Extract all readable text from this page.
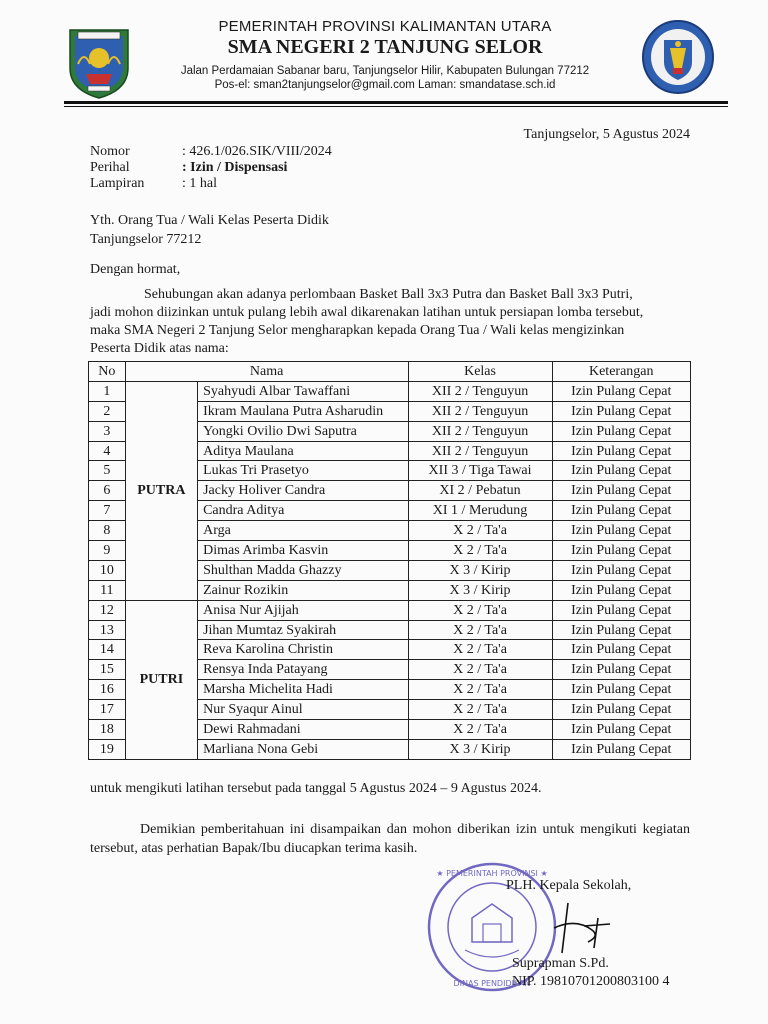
PEMERINTAH PROVINSI KALIMANTAN UTARA
SMA NEGERI 2 TANJUNG SELOR
Jalan Perdamaian Sabanar baru, Tanjungselor Hilir, Kabupaten Bulungan 77212
Pos-el: sman2tanjungselor@gmail.com Laman: smandatase.sch.id
Tanjungselor, 5 Agustus 2024
Nomor	: 426.1/026.SIK/VIII/2024
Perihal	: Izin / Dispensasi
Lampiran	: 1 hal
Yth. Orang Tua / Wali Kelas Peserta Didik
Tanjungselor 77212
Dengan hormat,

Sehubungan akan adanya perlombaan Basket Ball 3x3 Putra dan Basket Ball 3x3 Putri,

jadi mohon diizinkan untuk pulang lebih awal dikarenakan latihan untuk persiapan lomba tersebut,

maka SMA Negeri 2 Tanjung Selor mengharapkan kepada Orang Tua / Wali kelas mengizinkan

Peserta Didik atas nama:

No	Nama		Kelas	Keterangan
1	PUTRA	Syahyudi Albar Tawaffani	XII 2 / Tenguyun	Izin Pulang Cepat
2		Ikram Maulana Putra Asharudin	XII 2 / Tenguyun	Izin Pulang Cepat
3		Yongki Ovilio Dwi Saputra	XII 2 / Tenguyun	Izin Pulang Cepat
4		Aditya Maulana	XII 2 / Tenguyun	Izin Pulang Cepat
5		Lukas Tri Prasetyo	XII 3 / Tiga Tawai	Izin Pulang Cepat
6		Jacky Holiver Candra	XI 2 / Pebatun	Izin Pulang Cepat
7		Candra Aditya	XI 1 / Merudung	Izin Pulang Cepat
8		Arga	X 2 / Ta'a	Izin Pulang Cepat
9		Dimas Arimba Kasvin	X 2 / Ta'a	Izin Pulang Cepat
10		Shulthan Madda Ghazzy	X 3 / Kirip	Izin Pulang Cepat
11		Zainur Rozikin	X 3 / Kirip	Izin Pulang Cepat
12	PUTRI	Anisa Nur Ajijah	X 2 / Ta'a	Izin Pulang Cepat
13		Jihan Mumtaz Syakirah	X 2 / Ta'a	Izin Pulang Cepat
14		Reva Karolina Christin	X 2 / Ta'a	Izin Pulang Cepat
15		Rensya Inda Patayang	X 2 / Ta'a	Izin Pulang Cepat
16		Marsha Michelita Hadi	X 2 / Ta'a	Izin Pulang Cepat
17		Nur Syaqur Ainul	X 2 / Ta'a	Izin Pulang Cepat
18		Dewi Rahmadani	X 2 / Ta'a	Izin Pulang Cepat
19		Marliana Nona Gebi	X 3 / Kirip	Izin Pulang Cepat
untuk mengikuti latihan tersebut pada tanggal 5 Agustus 2024 – 9 Agustus 2024.

Demikian pemberitahuan ini disampaikan dan mohon diberikan izin untuk mengikuti kegiatan tersebut, atas perhatian Bapak/Ibu diucapkan terima kasih.

★ PEMERINTAH PROVINSI ★
DINAS PENDIDIKAN
PLH. Kepala Sekolah,
Suprapman S.Pd.
NIP. 19810701200803100 4
